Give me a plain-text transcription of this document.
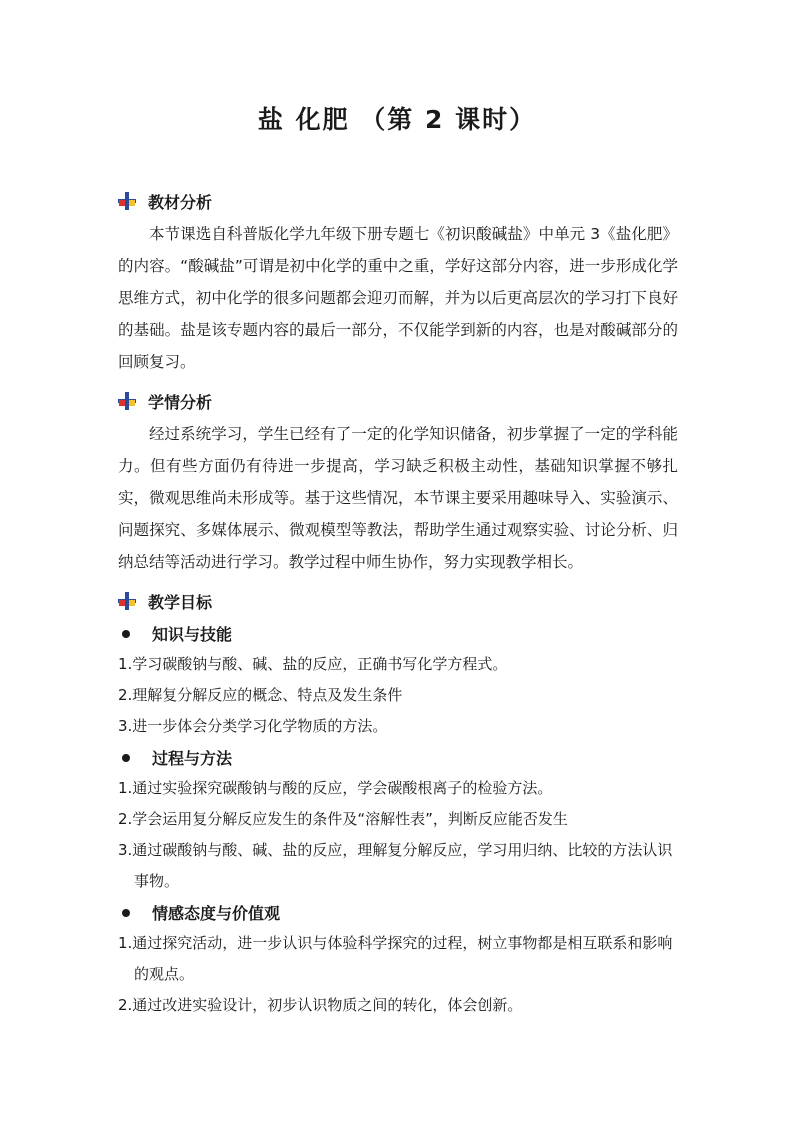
盐 化肥 （第 2 课时）
教材分析

本节课选自科普版化学九年级下册专题七《初识酸碱盐》中单元 3《盐化肥》的内容。“酸碱盐”可谓是初中化学的重中之重，学好这部分内容，进一步形成化学思维方式，初中化学的很多问题都会迎刃而解，并为以后更高层次的学习打下良好的基础。盐是该专题内容的最后一部分，不仅能学到新的内容，也是对酸碱部分的回顾复习。

学情分析

经过系统学习，学生已经有了一定的化学知识储备，初步掌握了一定的学科能力。但有些方面仍有待进一步提高，学习缺乏积极主动性，基础知识掌握不够扎实，微观思维尚未形成等。基于这些情况，本节课主要采用趣味导入、实验演示、问题探究、多媒体展示、微观模型等教法，帮助学生通过观察实验、讨论分析、归纳总结等活动进行学习。教学过程中师生协作，努力实现教学相长。

教学目标
知识与技能

1.学习碳酸钠与酸、碱、盐的反应，正确书写化学方程式。

2.理解复分解反应的概念、特点及发生条件

3.进一步体会分类学习化学物质的方法。

过程与方法

1.通过实验探究碳酸钠与酸的反应，学会碳酸根离子的检验方法。

2.学会运用复分解反应发生的条件及“溶解性表”，判断反应能否发生

3.通过碳酸钠与酸、碱、盐的反应，理解复分解反应，学习用归纳、比较的方法认识事物。

情感态度与价值观

1.通过探究活动，进一步认识与体验科学探究的过程，树立事物都是相互联系和影响的观点。

2.通过改进实验设计，初步认识物质之间的转化，体会创新。
